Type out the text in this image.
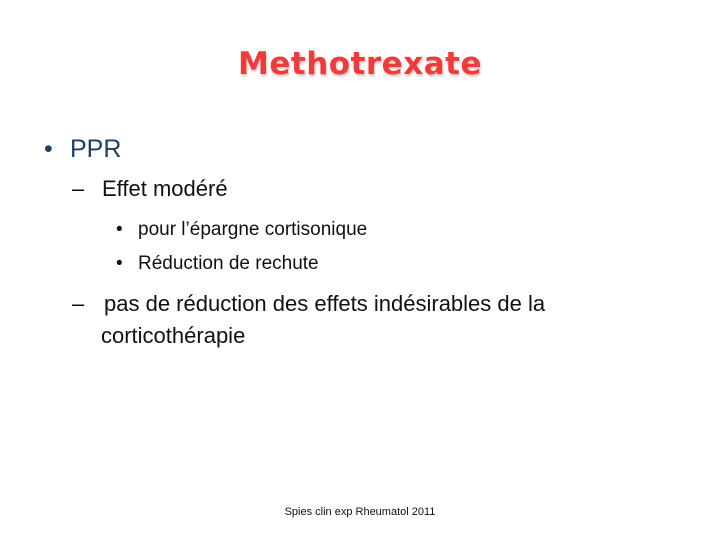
Methotrexate
• PPR
– Effet modéré
• pour l’épargne cortisonique
• Réduction de rechute
– pas de réduction des effets indésirables de la
corticothérapie
Spies clin exp Rheumatol 2011
